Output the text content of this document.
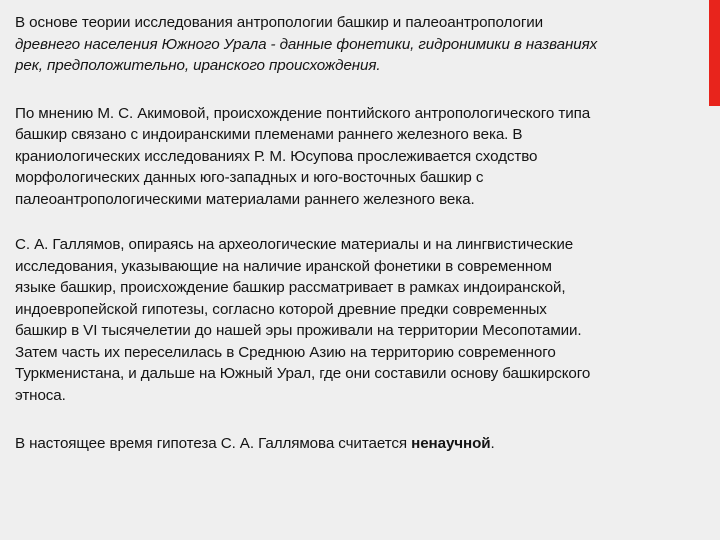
В основе теории исследования антропологии башкир и палеоантропологии
древнего населения Южного Урала - данные фонетики, гидронимики в названиях
рек, предположительно, иранского происхождения.

По мнению М. С. Акимовой, происхождение понтийского антропологического типа
башкир связано с индоиранскими племенами раннего железного века. В
краниологических исследованиях Р. М. Юсупова прослеживается сходство
морфологических данных юго‑западных и юго‑восточных башкир с
палеоантропологическими материалами раннего железного века.

С. А. Галлямов, опираясь на археологические материалы и на лингвистические
исследования, указывающие на наличие иранской фонетики в современном
языке башкир, происхождение башкир рассматривает в рамках индоиранской,
индоевропейской гипотезы, согласно которой древние предки современных
башкир в VI тысячелетии до нашей эры проживали на территории Месопотамии.
Затем часть их переселилась в Среднюю Азию на территорию современного
Туркменистана, и дальше на Южный Урал, где они составили основу башкирского
этноса.

В настоящее время гипотеза С. А. Галлямова считается ненаучной.
